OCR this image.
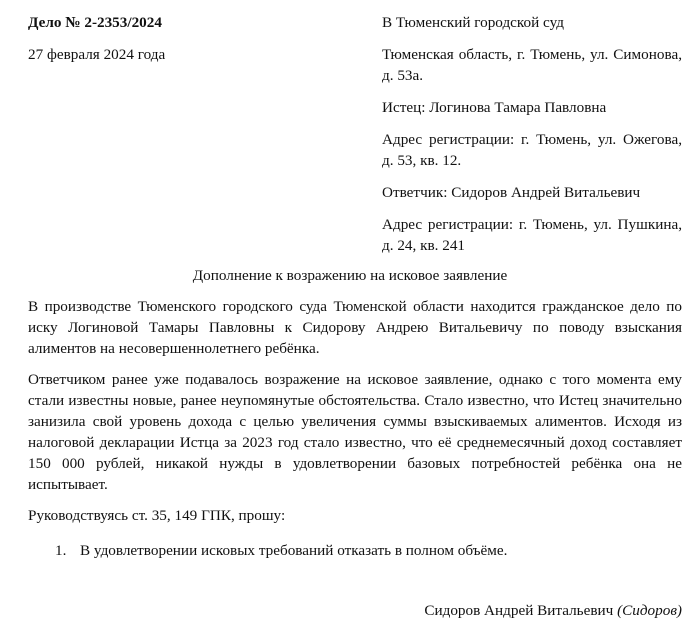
Дело № 2-2353/2024

27 февраля 2024 года

В Тюменский городской суд

Тюменская область, г. Тюмень, ул. Симонова, д. 53а.

Истец: Логинова Тамара Павловна

Адрес регистрации: г. Тюмень, ул. Ожегова, д. 53, кв. 12.

Ответчик: Сидоров Андрей Витальевич

Адрес регистрации: г. Тюмень, ул. Пушкина, д. 24, кв. 241

Дополнение к возражению на исковое заявление

В производстве Тюменского городского суда Тюменской области находится гражданское дело по иску Логиновой Тамары Павловны к Сидорову Андрею Витальевичу по поводу взыскания алиментов на несовершеннолетнего ребёнка.

Ответчиком ранее уже подавалось возражение на исковое заявление, однако с того момента ему стали известны новые, ранее неупомянутые обстоятельства. Стало известно, что Истец значительно занизила свой уровень дохода с целью увеличения суммы взыскиваемых алиментов. Исходя из налоговой декларации Истца за 2023 год стало известно, что её среднемесячный доход составляет 150 000 рублей, никакой нужды в удовлетворении базовых потребностей ребёнка она не испытывает.

Руководствуясь ст. 35, 149 ГПК, прошу:

1. В удовлетворении исковых требований отказать в полном объёме.

Сидоров Андрей Витальевич (Сидоров)
